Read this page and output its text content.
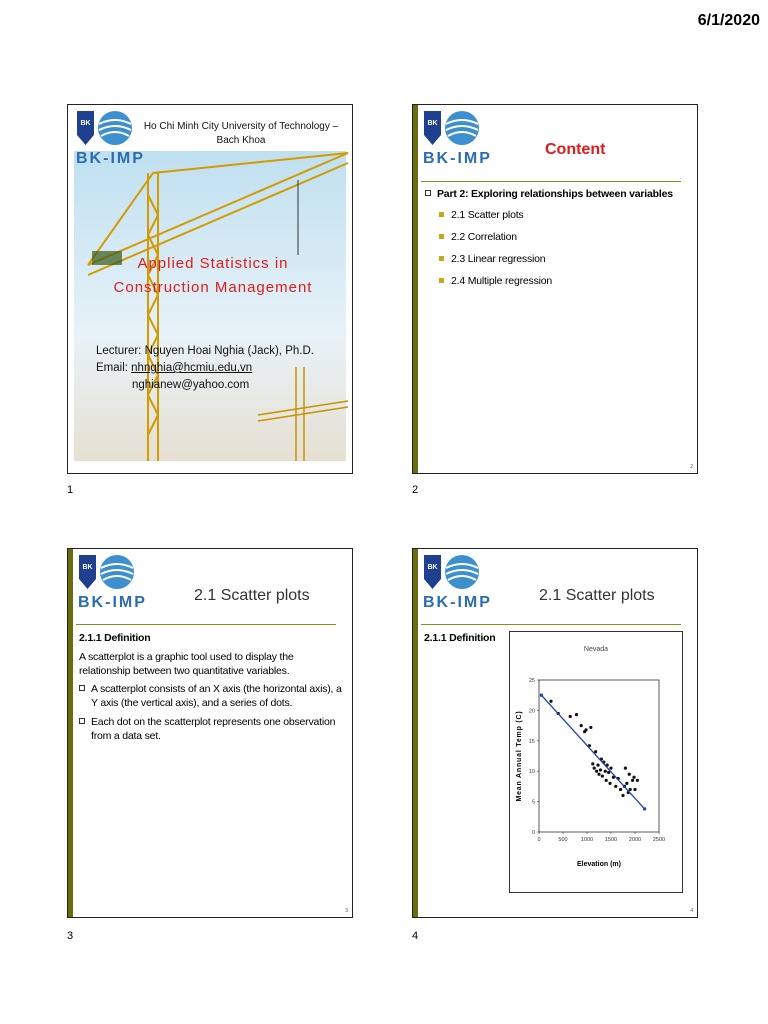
6/1/2020
BK
BK-IMP
Ho Chi Minh City University of Technology –
Bach Khoa
Applied Statistics in
Construction Management
Lecturer: Nguyen Hoai Nghia (Jack), Ph.D.
Email: nhnghia@hcmiu.edu,vn
nghianew@yahoo.com
1
BK
BK-IMP
Content
Part 2: Exploring relationships between variables
2.1 Scatter plots
2.2 Correlation
2.3 Linear regression
2.4 Multiple regression
2
2
BK
BK-IMP	2.1 Scatter plots
2.1.1 Definition
A scatterplot is a graphic tool used to display the relationship between two quantitative variables.
A scatterplot consists of an X axis (the horizontal axis), a Y axis (the vertical axis), and a series of dots.
Each dot on the scatterplot represents one observation from a data set.
3
3
BK
BK-IMP	2.1 Scatter plots
2.1.1 Definition
Nevada
0
5
10
15
20
25
0	500 1000 1500 2000 2500
Elevation (m)
Mean Annual Temp (C)
4
4
